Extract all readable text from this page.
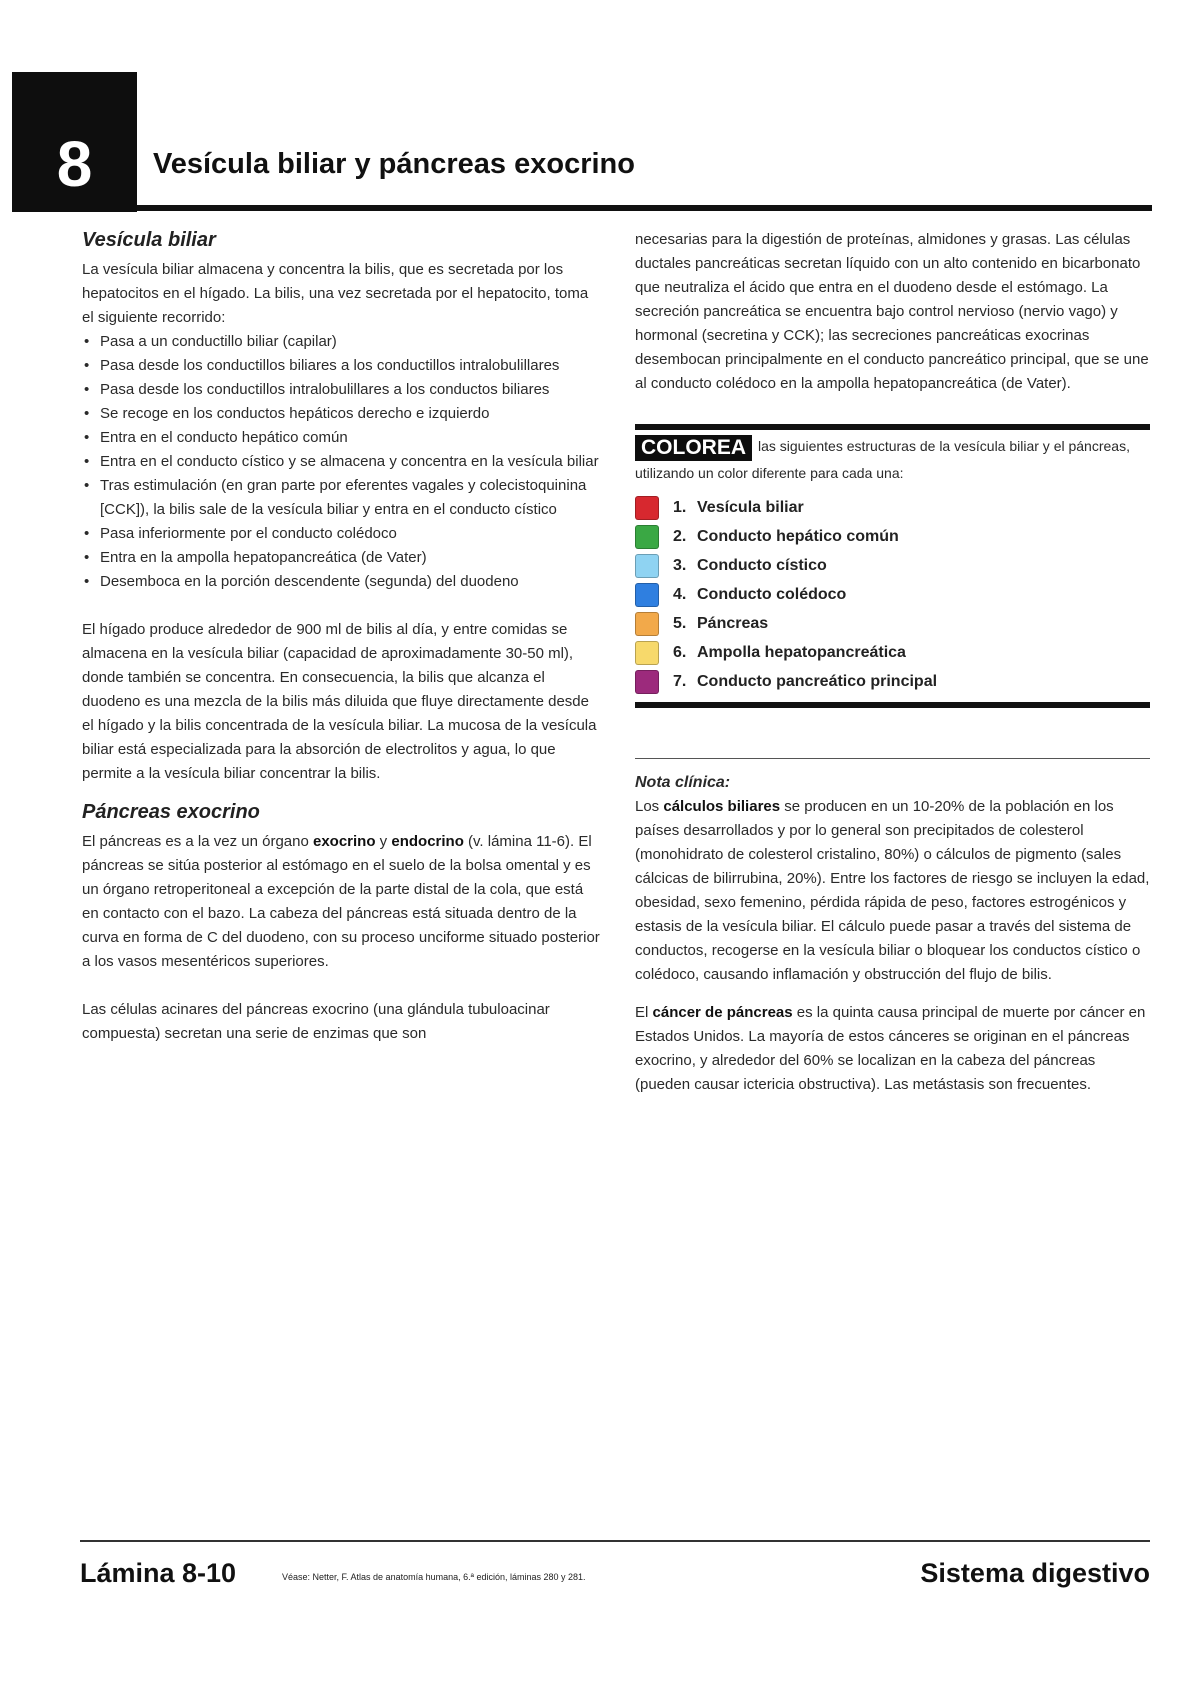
8 Vesícula biliar y páncreas exocrino
Vesícula biliar

La vesícula biliar almacena y concentra la bilis, que es secretada por los hepatocitos en el hígado. La bilis, una vez secretada por el hepatocito, toma el siguiente recorrido:

• Pasa a un conductillo biliar (capilar)
• Pasa desde los conductillos biliares a los conductillos intralobulillares
• Pasa desde los conductillos intralobulillares a los conductos biliares
• Se recoge en los conductos hepáticos derecho e izquierdo
• Entra en el conducto hepático común
• Entra en el conducto cístico y se almacena y concentra en la vesícula biliar
• Tras estimulación (en gran parte por eferentes vagales y colecistoquinina [CCK]), la bilis sale de la vesícula biliar y entra en el conducto cístico
• Pasa inferiormente por el conducto colédoco
• Entra en la ampolla hepatopancreática (de Vater)
• Desemboca en la porción descendente (segunda) del duodeno

El hígado produce alrededor de 900 ml de bilis al día, y entre comidas se almacena en la vesícula biliar (capacidad de aproximadamente 30-50 ml), donde también se concentra. En consecuencia, la bilis que alcanza el duodeno es una mezcla de la bilis más diluida que fluye directamente desde el hígado y la bilis concentrada de la vesícula biliar. La mucosa de la vesícula biliar está especializada para la absorción de electrolitos y agua, lo que permite a la vesícula biliar concentrar la bilis.

Páncreas exocrino

El páncreas es a la vez un órgano exocrino y endocrino (v. lámina 11-6). El páncreas se sitúa posterior al estómago en el suelo de la bolsa omental y es un órgano retroperitoneal a excepción de la parte distal de la cola, que está en contacto con el bazo. La cabeza del páncreas está situada dentro de la curva en forma de C del duodeno, con su proceso unciforme situado posterior a los vasos mesentéricos superiores.

Las células acinares del páncreas exocrino (una glándula tubuloacinar compuesta) secretan una serie de enzimas que son

necesarias para la digestión de proteínas, almidones y grasas. Las células ductales pancreáticas secretan líquido con un alto contenido en bicarbonato que neutraliza el ácido que entra en el duodeno desde el estómago. La secreción pancreática se encuentra bajo control nervioso (nervio vago) y hormonal (secretina y CCK); las secreciones pancreáticas exocrinas desembocan principalmente en el conducto pancreático principal, que se une al conducto colédoco en la ampolla hepatopancreática (de Vater).

COLOREA las siguientes estructuras de la vesícula biliar y el páncreas, utilizando un color diferente para cada una:
1. Vesícula biliar
2. Conducto hepático común
3. Conducto cístico
4. Conducto colédoco
5. Páncreas
6. Ampolla hepatopancreática
7. Conducto pancreático principal
Nota clínica:

Los cálculos biliares se producen en un 10-20% de la población en los países desarrollados y por lo general son precipitados de colesterol (monohidrato de colesterol cristalino, 80%) o cálculos de pigmento (sales cálcicas de bilirrubina, 20%). Entre los factores de riesgo se incluyen la edad, obesidad, sexo femenino, pérdida rápida de peso, factores estrogénicos y estasis de la vesícula biliar. El cálculo puede pasar a través del sistema de conductos, recogerse en la vesícula biliar o bloquear los conductos cístico o colédoco, causando inflamación y obstrucción del flujo de bilis.

El cáncer de páncreas es la quinta causa principal de muerte por cáncer en Estados Unidos. La mayoría de estos cánceres se originan en el páncreas exocrino, y alrededor del 60% se localizan en la cabeza del páncreas (pueden causar ictericia obstructiva). Las metástasis son frecuentes.

Lámina 8-10	Véase: Netter, F. Atlas de anatomía humana, 6.ª edición, láminas 280 y 281.	Sistema digestivo
